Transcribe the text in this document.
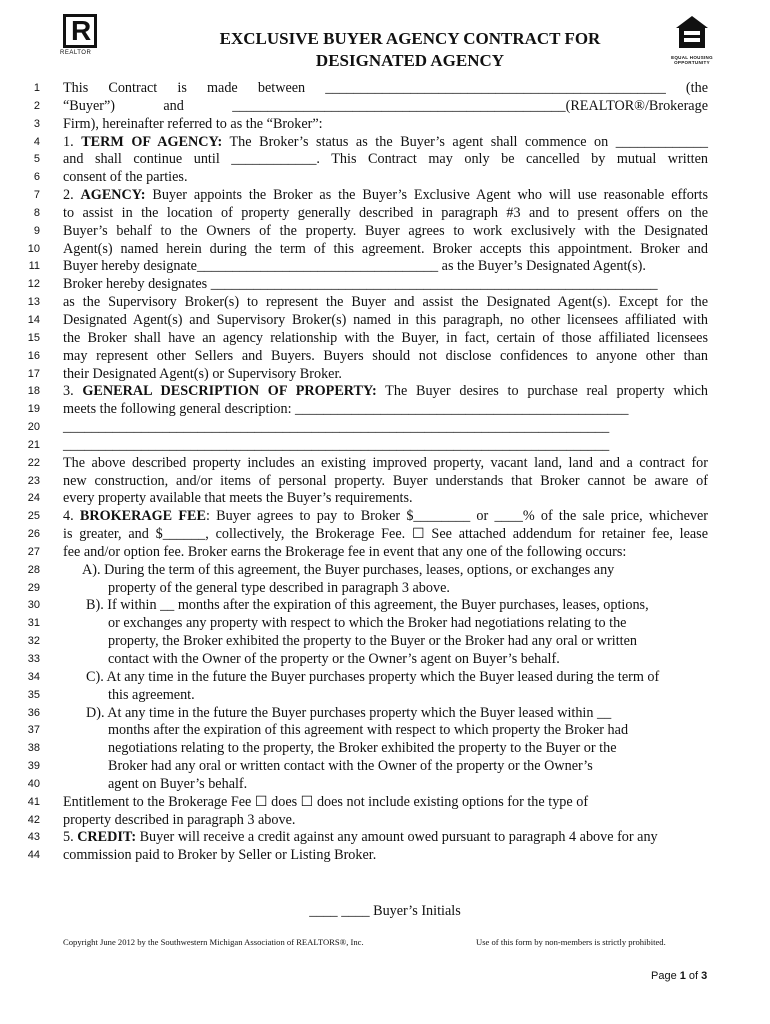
R
REALTOR
EQUAL HOUSING
OPPORTUNITY
EXCLUSIVE BUYER AGENCY CONTRACT FOR
DESIGNATED AGENCY
1 This Contract is made between ________________________________________________ (the
2 “Buyer”) and _______________________________________________(REALTOR®/Brokerage
3 Firm), hereinafter referred to as the “Broker”:
4 1. TERM OF AGENCY: The Broker’s status as the Buyer’s agent shall commence on _____________
5 and shall continue until ____________. This Contract may only be cancelled by mutual written
6 consent of the parties.
7 2. AGENCY: Buyer appoints the Broker as the Buyer’s Exclusive Agent who will use reasonable efforts
8 to assist in the location of property generally described in paragraph #3 and to present offers on the
9 Buyer’s behalf to the Owners of the property. Buyer agrees to work exclusively with the Designated
10 Agent(s) named herein during the term of this agreement. Broker accepts this appointment. Broker and
11 Buyer hereby designate__________________________________ as the Buyer’s Designated Agent(s).
12 Broker hereby designates _______________________________________________________________
13 as the Supervisory Broker(s) to represent the Buyer and assist the Designated Agent(s). Except for the
14 Designated Agent(s) and Supervisory Broker(s) named in this paragraph, no other licensees affiliated with
15 the Broker shall have an agency relationship with the Buyer, in fact, certain of those affiliated licensees
16 may represent other Sellers and Buyers. Buyers should not disclose confidences to anyone other than
17 their Designated Agent(s) or Supervisory Broker.
18 3. GENERAL DESCRIPTION OF PROPERTY: The Buyer desires to purchase real property which
19 meets the following general description: _______________________________________________
20 _____________________________________________________________________________
21 _____________________________________________________________________________
22 The above described property includes an existing improved property, vacant land, land and a contract for
23 new construction, and/or items of personal property. Buyer understands that Broker cannot be aware of
24 every property available that meets the Buyer’s requirements.
25 4. BROKERAGE FEE: Buyer agrees to pay to Broker $________ or ____% of the sale price, whichever
26 is greater, and $______, collectively, the Brokerage Fee. ☐ See attached addendum for retainer fee, lease
27 fee and/or option fee. Broker earns the Brokerage fee in event that any one of the following occurs:
28	A). During the term of this agreement, the Buyer purchases, leases, options, or exchanges any
29	property of the general type described in paragraph 3 above.
30	B). If within __ months after the expiration of this agreement, the Buyer purchases, leases, options,
31	or exchanges any property with respect to which the Broker had negotiations relating to the
32	property, the Broker exhibited the property to the Buyer or the Broker had any oral or written
33	contact with the Owner of the property or the Owner’s agent on Buyer’s behalf.
34	C). At any time in the future the Buyer purchases property which the Buyer leased during the term of
35	this agreement.
36	D). At any time in the future the Buyer purchases property which the Buyer leased within __
37	months after the expiration of this agreement with respect to which property the Broker had
38	negotiations relating to the property, the Broker exhibited the property to the Buyer or the
39	Broker had any oral or written contact with the Owner of the property or the Owner’s
40	agent on Buyer’s behalf.
41 Entitlement to the Brokerage Fee ☐ does ☐ does not include existing options for the type of
42 property described in paragraph 3 above.
43 5. CREDIT: Buyer will receive a credit against any amount owed pursuant to paragraph 4 above for any
44 commission paid to Broker by Seller or Listing Broker.
____ ____ Buyer’s Initials
Copyright June 2012 by the Southwestern Michigan Association of REALTORS®, Inc.	Use of this form by non-members is strictly prohibited.
Page 1 of 3
